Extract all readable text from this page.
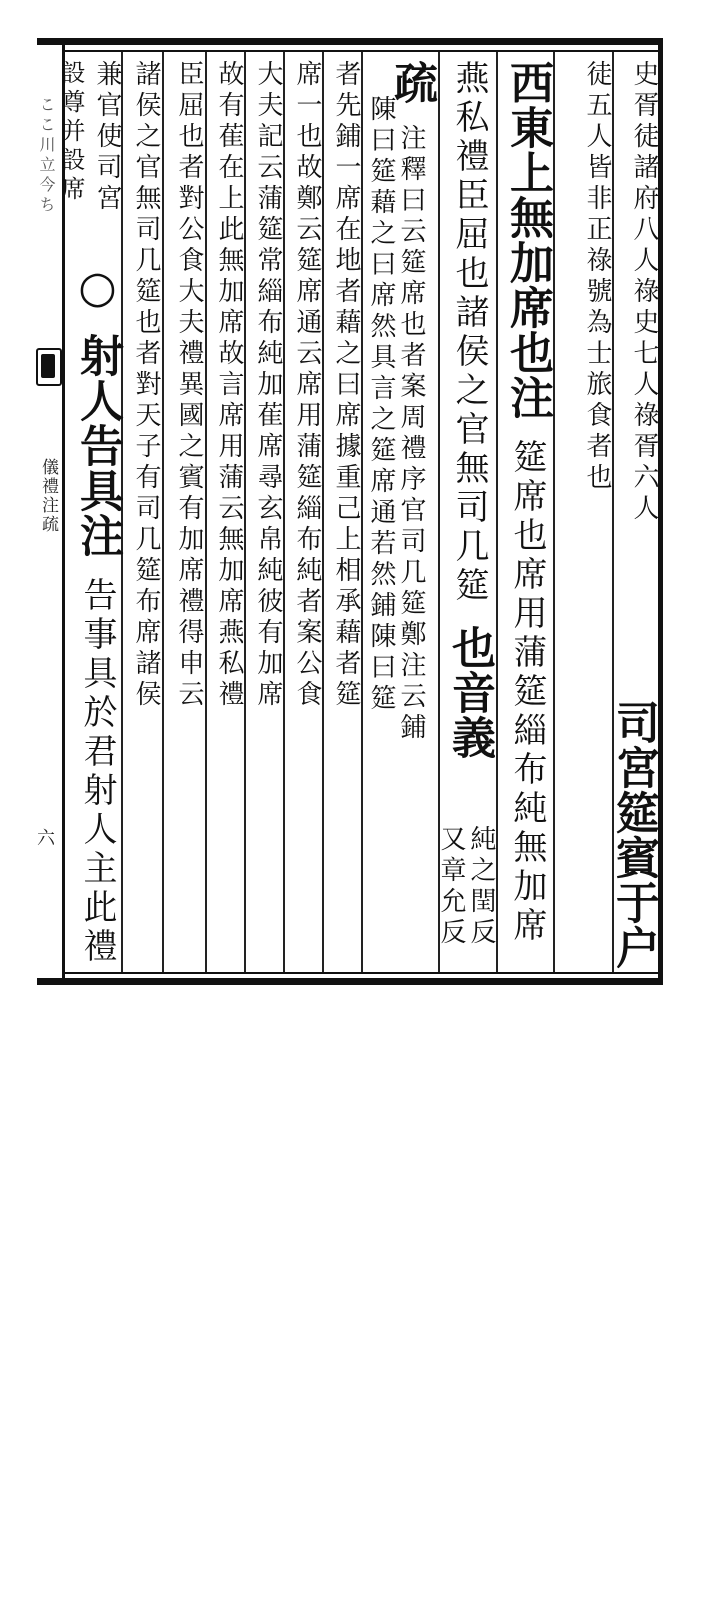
ここ川立今ち
儀禮注疏
六
史胥徒諸府八人祿史七人祿胥六人
徒五人皆非正祿號為士旅食者也
司宮筵賓于户
西東上無加席也注 筵席也席用蒲筵緇布純無加席
燕私禮臣屈也諸侯之官無司几筵 也音義
純之閏反
疏 注釋曰云筵席也者案周禮序官司几筵鄭注云鋪
又章允反
陳曰筵藉之曰席然具言之筵席通若然鋪陳曰筵
者先鋪一席在地者藉之曰席據重己上相承藉者筵
席一也故鄭云筵席通云席用蒲筵緇布純者案公食
大夫記云蒲筵常緇布純加萑席尋玄帛純彼有加席
故有萑在上此無加席故言席用蒲云無加席燕私禮
臣屈也者對公食大夫禮異國之賓有加席禮得申云
諸侯之官無司几筵也者對天子有司几筵布席諸侯
兼官使司宮
○ 射人告具注 告事具於君射人主此禮
設尊并設席
